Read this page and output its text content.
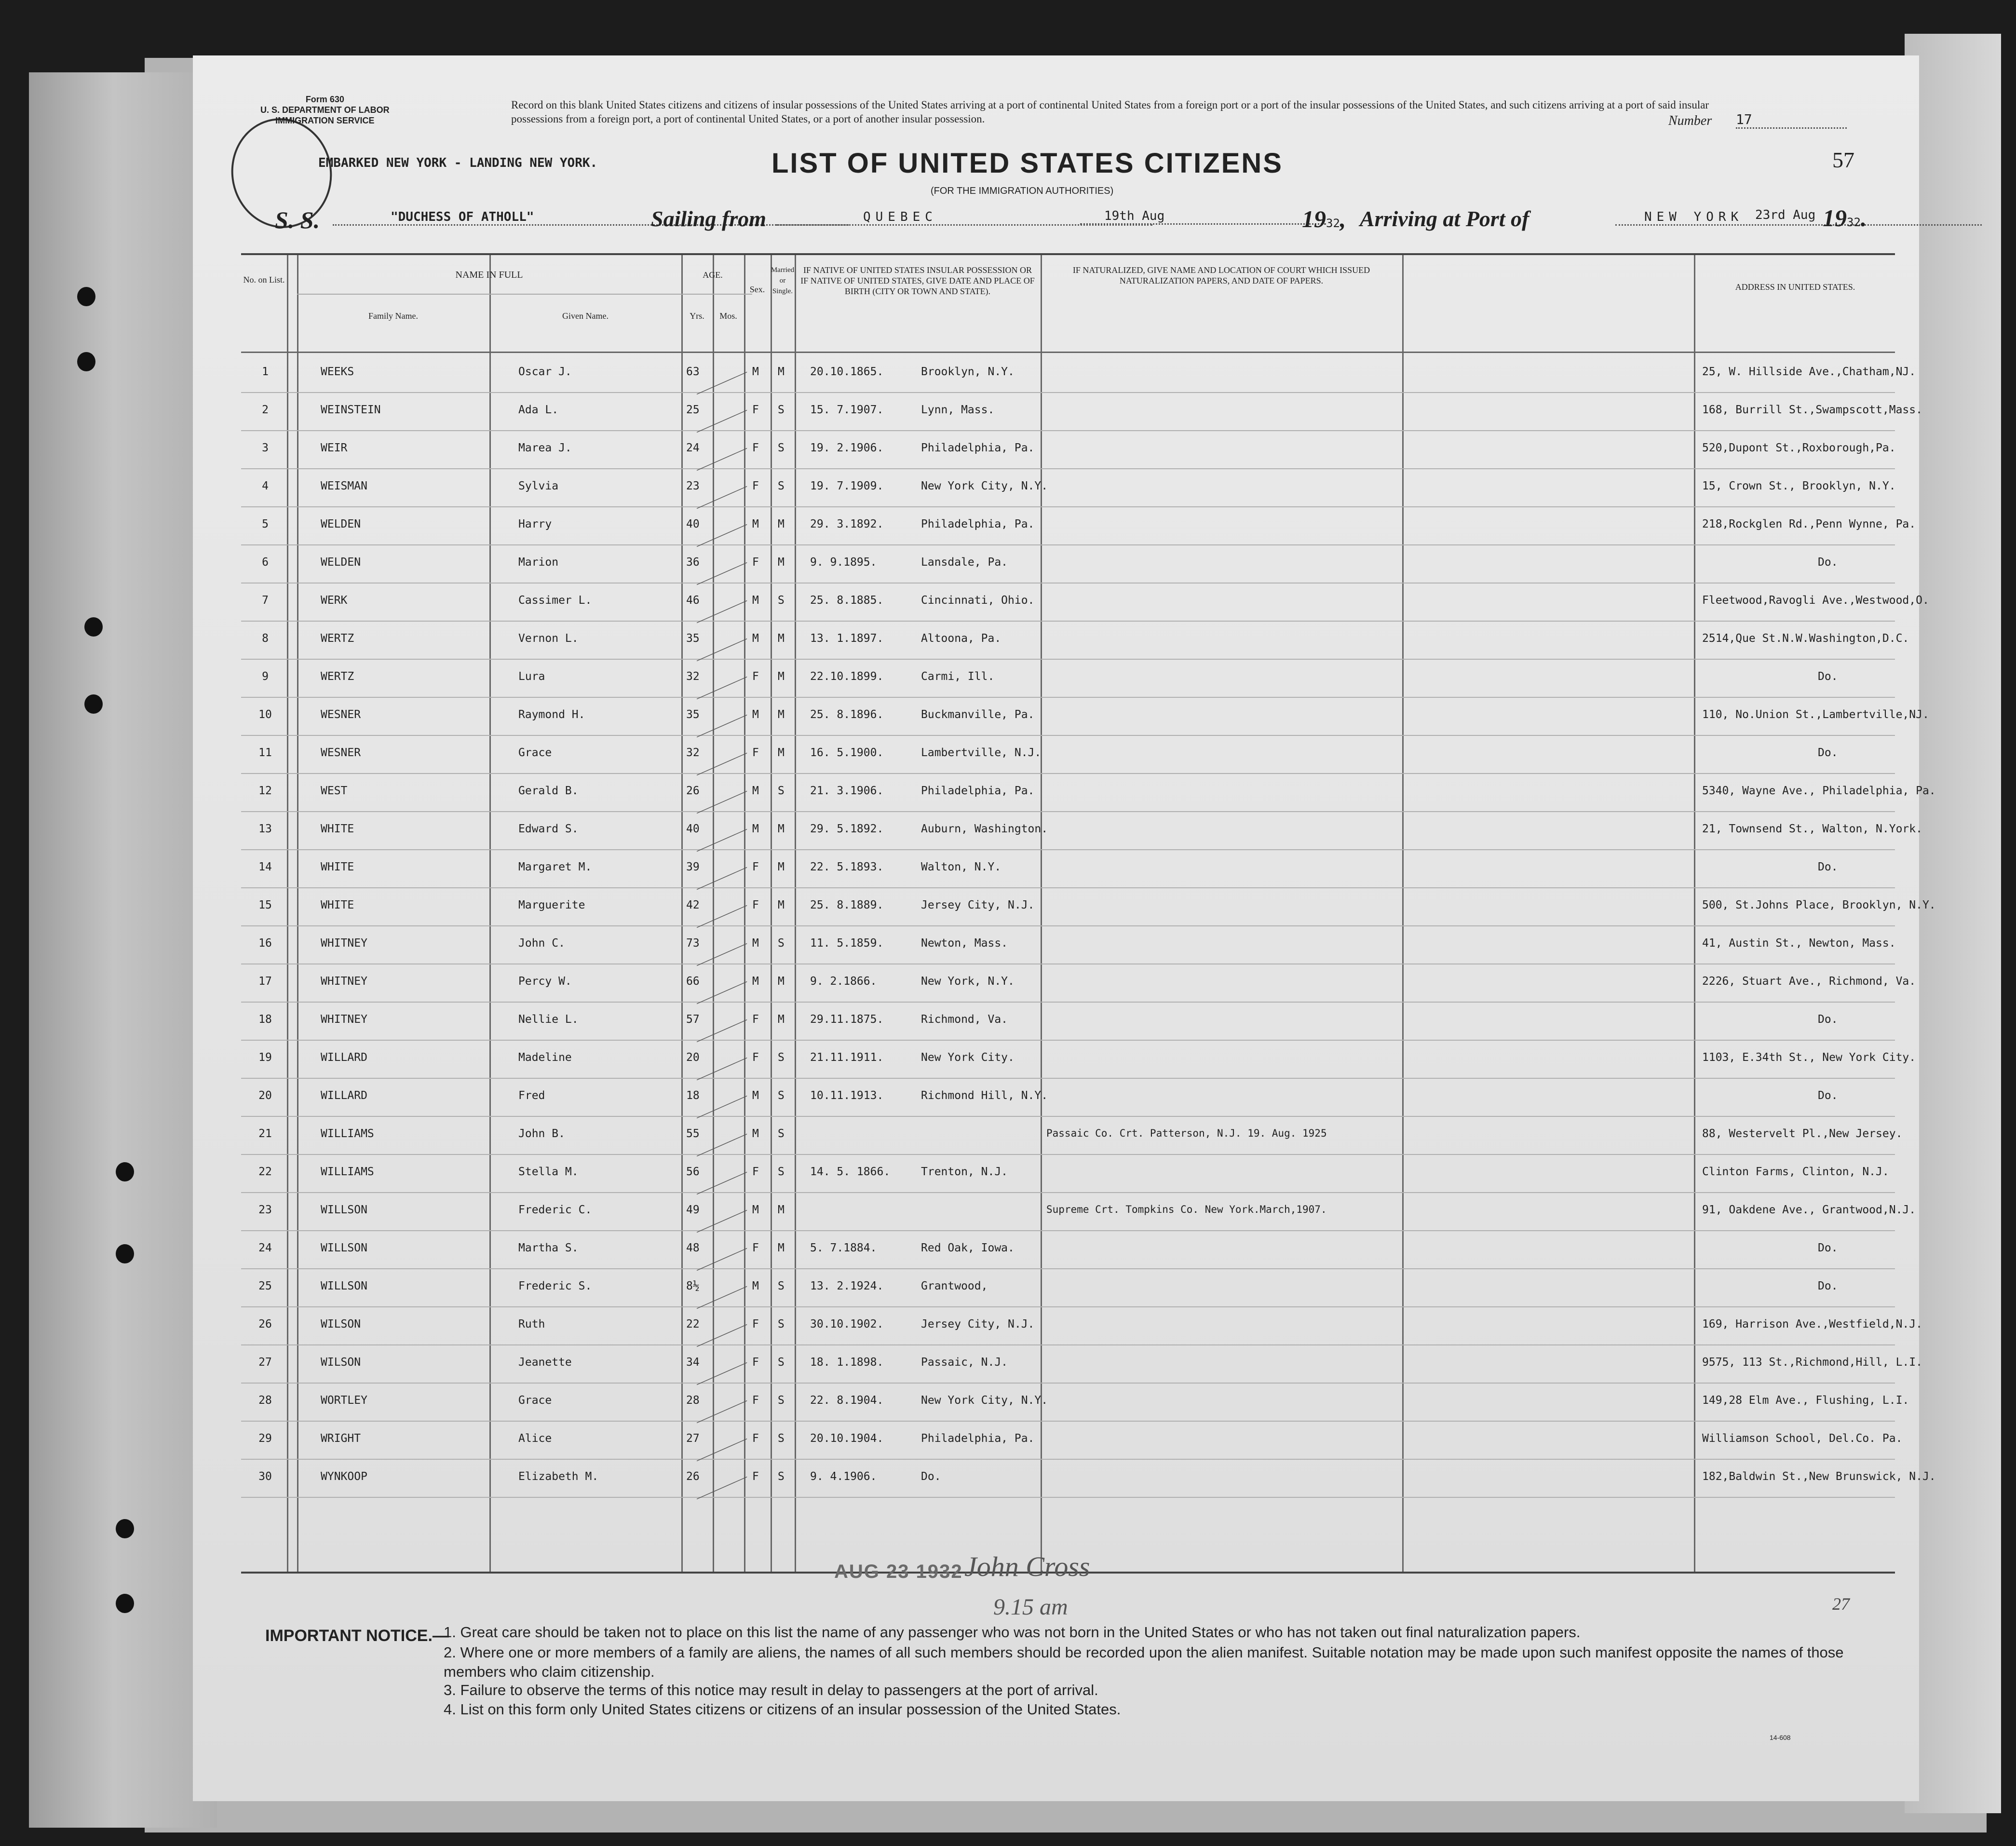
Form 630
U. S. DEPARTMENT OF LABOR
IMMIGRATION SERVICE
Record on this blank United States citizens and citizens of insular possessions of the United States arriving at a port of continental United States from a foreign port or a port of the insular possessions of the United States, and such citizens arriving at a port of said insular possessions from a foreign port, a port of continental United States, or a port of another insular possession.	Number 17
57
EMBARKED NEW YORK - LANDING NEW YORK.	LIST OF UNITED STATES CITIZENS
(FOR THE IMMIGRATION AUTHORITIES)
S. S.	"DUCHESS OF ATHOLL"	Sailing from	QUEBEC	19th Aug	1932, Arriving at Port of	NEW YORK 23rd Aug 1932.
No. on List.	NAME IN FULL
Family Name.	Given Name.
AGE.
Yrs.	Mos.
Sex.
Married or Single.
IF NATIVE OF UNITED STATES INSULAR POSSESSION OR IF NATIVE OF UNITED STATES, GIVE DATE AND PLACE OF BIRTH (CITY OR TOWN AND STATE).
IF NATURALIZED, GIVE NAME AND LOCATION OF COURT WHICH ISSUED NATURALIZATION PAPERS, AND DATE OF PAPERS.
ADDRESS IN UNITED STATES.
1	WEEKS	Oscar J.	63	M M 20.10.1865.	Brooklyn, N.Y.	25, W. Hillside Ave.,Chatham,NJ.
2	WEINSTEIN	Ada L.	25	F S 15. 7.1907.	Lynn, Mass.	168, Burrill St.,Swampscott,Mass.
3	WEIR	Marea J.	24	F S 19. 2.1906.	Philadelphia, Pa.	520,Dupont St.,Roxborough,Pa.
4	WEISMAN	Sylvia	23	F S 19. 7.1909.	New York City, N.Y.	15, Crown St., Brooklyn, N.Y.
5	WELDEN	Harry	40	M M 29. 3.1892.	Philadelphia, Pa.	218,Rockglen Rd.,Penn Wynne, Pa.
6	WELDEN	Marion	36	F M 9. 9.1895.	Lansdale, Pa.	Do.
7	WERK	Cassimer L.	46	M S 25. 8.1885.	Cincinnati, Ohio.	Fleetwood,Ravogli Ave.,Westwood,O.
8	WERTZ	Vernon L.	35	M M 13. 1.1897.	Altoona, Pa.	2514,Que St.N.W.Washington,D.C.
9	WERTZ	Lura	32	F M 22.10.1899.	Carmi, Ill.	Do.
10	WESNER	Raymond H.	35	M M 25. 8.1896.	Buckmanville, Pa.	110, No.Union St.,Lambertville,NJ.
11	WESNER	Grace	32	F M 16. 5.1900.	Lambertville, N.J.	Do.
12	WEST	Gerald B.	26	M S 21. 3.1906.	Philadelphia, Pa.	5340, Wayne Ave., Philadelphia, Pa.
13	WHITE	Edward S.	40	M M 29. 5.1892.	Auburn, Washington.	21, Townsend St., Walton, N.York.
14	WHITE	Margaret M.	39	F M 22. 5.1893.	Walton, N.Y.	Do.
15	WHITE	Marguerite	42	F M 25. 8.1889.	Jersey City, N.J.	500, St.Johns Place, Brooklyn, N.Y.
16	WHITNEY	John C.	73	M S 11. 5.1859.	Newton, Mass.	41, Austin St., Newton, Mass.
17	WHITNEY	Percy W.	66	M M 9. 2.1866.	New York, N.Y.	2226, Stuart Ave., Richmond, Va.
18	WHITNEY	Nellie L.	57	F M 29.11.1875.	Richmond, Va.	Do.
19	WILLARD	Madeline	20	F S 21.11.1911.	New York City.	1103, E.34th St., New York City.
20	WILLARD	Fred	18	M S 10.11.1913.	Richmond Hill, N.Y.	Do.
21	WILLIAMS	John B.	55	M S	Passaic Co. Crt. Patterson, N.J. 19. Aug. 1925	88, Westervelt Pl.,New Jersey.
22	WILLIAMS	Stella M.	56	F S 14. 5. 1866.	Trenton, N.J.	Clinton Farms, Clinton, N.J.
23	WILLSON	Frederic C.	49	M M	Supreme Crt. Tompkins Co. New York.March,1907.	91, Oakdene Ave., Grantwood,N.J.
24	WILLSON	Martha S.	48	F M 5. 7.1884.	Red Oak, Iowa.	Do.
25	WILLSON	Frederic S.	8½	M S 13. 2.1924.	Grantwood,	Do.
26	WILSON	Ruth	22	F S 30.10.1902.	Jersey City, N.J.	169, Harrison Ave.,Westfield,N.J.
27	WILSON	Jeanette	34	F S 18. 1.1898.	Passaic, N.J.	9575, 113 St.,Richmond,Hill, L.I.
28	WORTLEY	Grace	28	F S 22. 8.1904.	New York City, N.Y.	149,28 Elm Ave., Flushing, L.I.
29	WRIGHT	Alice	27	F S 20.10.1904.	Philadelphia, Pa.	Williamson School, Del.Co. Pa.
30	WYNKOOP	Elizabeth M.	26	F S 9. 4.1906.	Do.	182,Baldwin St.,New Brunswick, N.J.
AUG 23 1932 John Cross
9.15 am	27
IMPORTANT NOTICE.—
1. Great care should be taken not to place on this list the name of any passenger who was not born in the United States or who has not taken out final naturalization papers.
2. Where one or more members of a family are aliens, the names of all such members should be recorded upon the alien manifest. Suitable notation may be made upon such manifest opposite the names of those members who claim citizenship.
3. Failure to observe the terms of this notice may result in delay to passengers at the port of arrival.
4. List on this form only United States citizens or citizens of an insular possession of the United States.
14-608
